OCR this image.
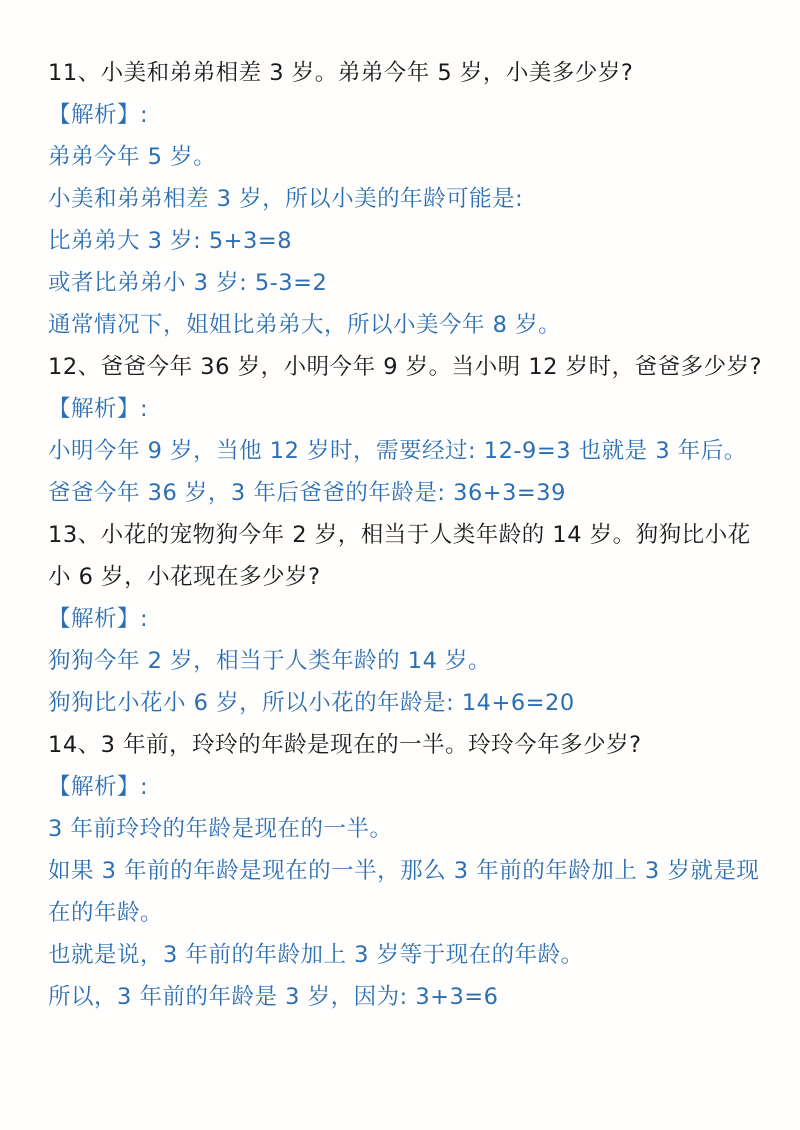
11、小美和弟弟相差 3 岁。弟弟今年 5 岁，小美多少岁?
【解析】:
弟弟今年 5 岁。
小美和弟弟相差 3 岁，所以小美的年龄可能是:
比弟弟大 3 岁: 5+3=8
或者比弟弟小 3 岁: 5-3=2
通常情况下，姐姐比弟弟大，所以小美今年 8 岁。
12、爸爸今年 36 岁，小明今年 9 岁。当小明 12 岁时，爸爸多少岁?
【解析】:
小明今年 9 岁，当他 12 岁时，需要经过: 12-9=3 也就是 3 年后。
爸爸今年 36 岁，3 年后爸爸的年龄是: 36+3=39
13、小花的宠物狗今年 2 岁，相当于人类年龄的 14 岁。狗狗比小花小 6 岁，小花现在多少岁?
【解析】:
狗狗今年 2 岁，相当于人类年龄的 14 岁。
狗狗比小花小 6 岁，所以小花的年龄是: 14+6=20
14、3 年前，玲玲的年龄是现在的一半。玲玲今年多少岁?
【解析】:
3 年前玲玲的年龄是现在的一半。
如果 3 年前的年龄是现在的一半，那么 3 年前的年龄加上 3 岁就是现在的年龄。
也就是说，3 年前的年龄加上 3 岁等于现在的年龄。
所以，3 年前的年龄是 3 岁，因为: 3+3=6
